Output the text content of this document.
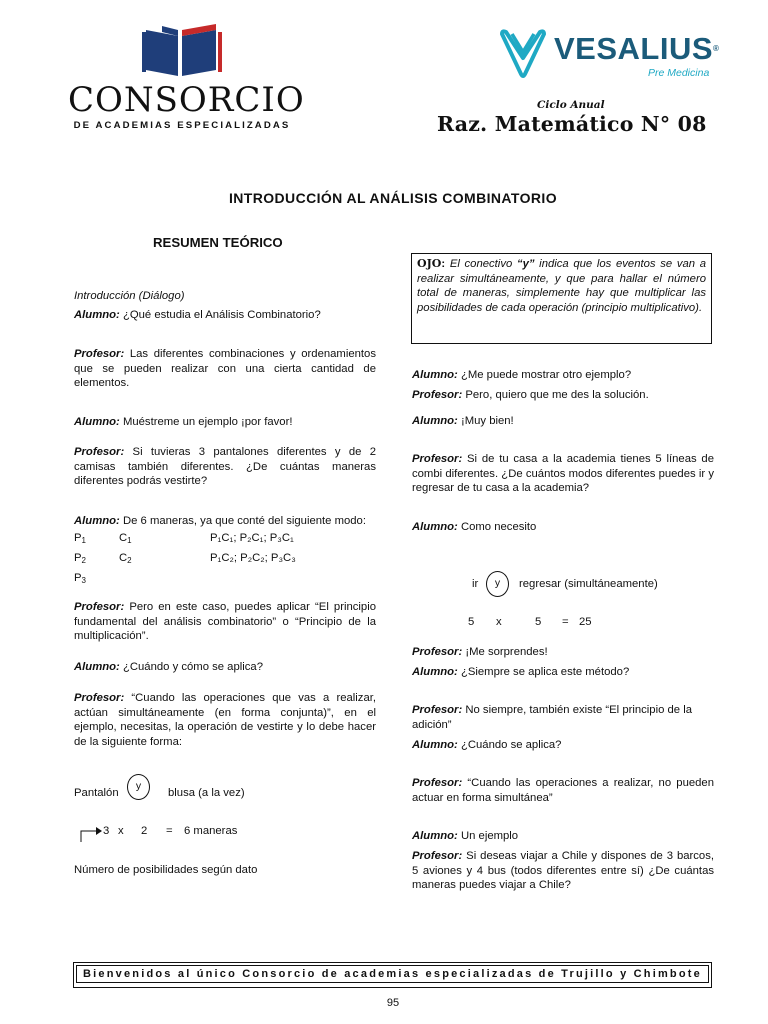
CONSORCIO
DE ACADEMIAS ESPECIALIZADAS
VESALIUS®
Pre Medicina
Ciclo Anual
Raz. Matemático N° 08
INTRODUCCIÓN AL ANÁLISIS COMBINATORIO
RESUMEN TEÓRICO
Introducción (Diálogo)

Alumno: ¿Qué estudia el Análisis Combinatorio?

Profesor: Las diferentes combinaciones y ordenamientos que se pueden realizar con una cierta cantidad de elementos.

Alumno: Muéstreme un ejemplo ¡por favor!

Profesor: Si tuvieras 3 pantalones diferentes y de 2 camisas también diferentes. ¿De cuántas maneras diferentes podrás vestirte?

Alumno: De 6 maneras, ya que conté del siguiente modo:

$P_1$	$C_1$	P₁C₁; P₂C₁; P₃C₁
$P_2$	$C_2$	P₁C₂; P₂C₂; P₃C₃
$P_3$

Profesor: Pero en este caso, puedes aplicar “El principio fundamental del análisis combinatorio” o “Principio de la multiplicación”.

Alumno: ¿Cuándo y cómo se aplica?

Profesor: “Cuando las operaciones que vas a realizar, actúan simultáneamente (en forma conjunta)”, en el ejemplo, necesitas, la operación de vestirte y lo debe hacer de la siguiente forma:

Pantalón
y
blusa (a la vez)
3 x 2 = 6 maneras
Número de posibilidades según dato
OJO: El conectivo “y” indica que los eventos se van a realizar simultáneamente, y que para hallar el número total de maneras, simplemente hay que multiplicar las posibilidades de cada operación (principio multiplicativo).

Alumno: ¿Me puede mostrar otro ejemplo?

Profesor: Pero, quiero que me des la solución.

Alumno: ¡Muy bien!

Profesor: Si de tu casa a la academia tienes 5 líneas de combi diferentes. ¿De cuántos modos diferentes puedes ir y regresar de tu casa a la academia?

Alumno: Como necesito

ir	y	regresar (simultáneamente)
5 x	5 = 25

Profesor: ¡Me sorprendes!

Alumno: ¿Siempre se aplica este método?

Profesor: No siempre, también existe “El principio de la adición”

Alumno: ¿Cuándo se aplica?

Profesor: “Cuando las operaciones a realizar, no pueden actuar en forma simultánea”

Alumno: Un ejemplo

Profesor: Si deseas viajar a Chile y dispones de 3 barcos, 5 aviones y 4 bus (todos diferentes entre sí) ¿De cuántas maneras puedes viajar a Chile?

Bienvenidos al único Consorcio de academias especializadas de Trujillo y Chimbote
95
